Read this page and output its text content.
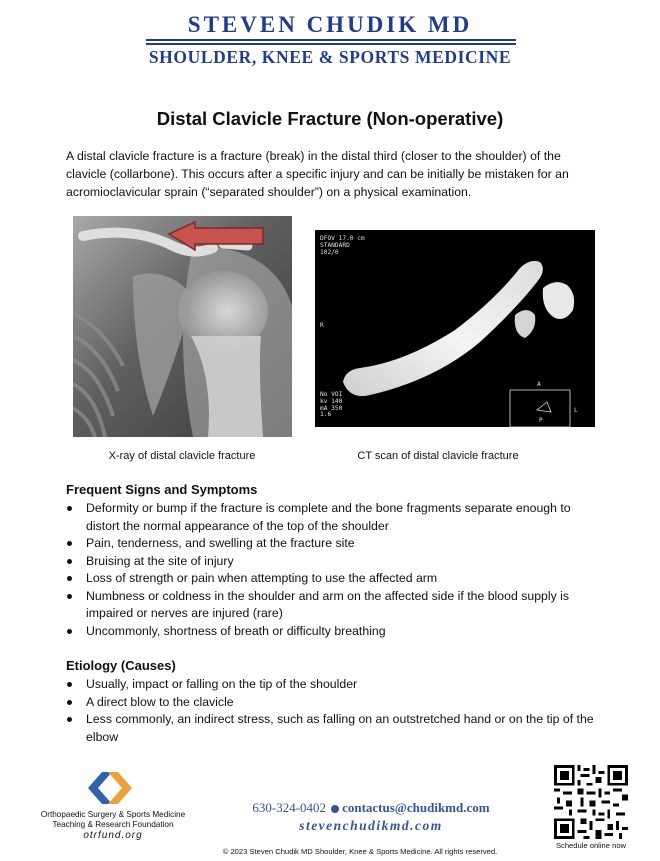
STEVEN CHUDIK MD
SHOULDER, KNEE & SPORTS MEDICINE
Distal Clavicle Fracture (Non-operative)
A distal clavicle fracture is a fracture (break) in the distal third (closer to the shoulder) of the clavicle (collarbone). This occurs after a specific injury and can be initially be mistaken for an acromioclavicular sprain (“separated shoulder”) on a physical examination.
X-ray of distal clavicle fracture
DFOV 17.0 cm
STANDARD
102/0
No VOI
kv 140
mA 350
1.6
R
A
P
L
CT scan of distal clavicle fracture
Frequent Signs and Symptoms
Deformity or bump if the fracture is complete and the bone fragments separate enough to distort the normal appearance of the top of the shoulder
Pain, tenderness, and swelling at the fracture site
Bruising at the site of injury
Loss of strength or pain when attempting to use the affected arm
Numbness or coldness in the shoulder and arm on the affected side if the blood supply is impaired or nerves are injured (rare)
Uncommonly, shortness of breath or difficulty breathing
Etiology (Causes)
Usually, impact or falling on the tip of the shoulder
A direct blow to the clavicle
Less commonly, an indirect stress, such as falling on an outstretched hand or on the tip of the elbow
Orthopaedic Surgery & Sports Medicine
Teaching & Research Foundation
otrfund.org
630-324-0402 contactus@chudikmd.com
stevenchudikmd.com
© 2023 Steven Chudik MD Shoulder, Knee & Sports Medicine. All rights reserved.
Schedule online now
